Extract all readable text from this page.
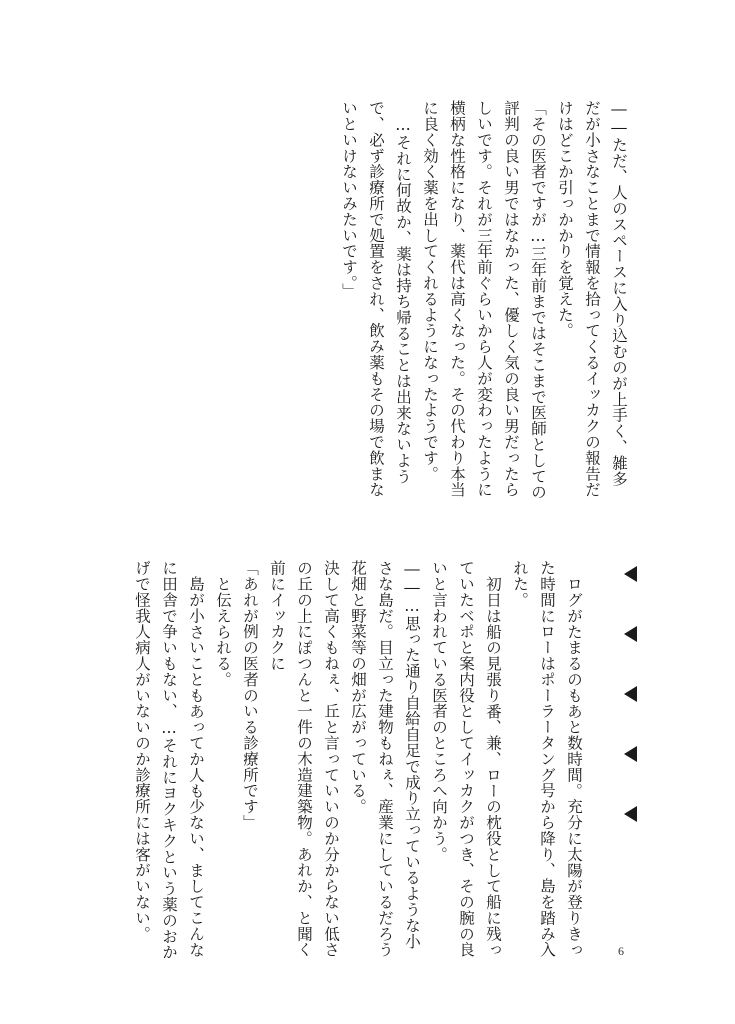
――ただ、人のスペースに入り込むのが上手く、雑多だが小さなことまで情報を拾ってくるイッカクの報告だけはどこか引っかかりを覚えた。

「その医者ですが…三年前まではそこまで医師としての評判の良い男ではなかった、優しく気の良い男だったらしいです。それが三年前ぐらいから人が変わったように横柄な性格になり、薬代は高くなった。その代わり本当に良く効く薬を出してくれるようになったようです。

…それに何故か、薬は持ち帰ることは出来ないようで、必ず診療所で処置をされ、飲み薬もその場で飲まないといけないみたいです。」

ログがたまるのもあと数時間。充分に太陽が登りきった時間にローはポーラータング号から降り、島を踏み入れた。

初日は船の見張り番、兼、ローの枕役として船に残っていたベポと案内役としてイッカクがつき、その腕の良いと言われている医者のところへ向かう。

――…思った通り自給自足で成り立っているような小さな島だ。目立った建物もねぇ、産業にしているだろう花畑と野菜等の畑が広がっている。

決して高くもねぇ、丘と言っていいのか分からない低さの丘の上にぽつんと一件の木造建築物。あれか、と聞く前にイッカクに

「あれが例の医者のいる診療所です」

と伝えられる。

島が小さいこともあってか人も少ない、ましてこんなに田舎で争いもない、…それにヨクキクという薬のおかげで怪我人病人がいないのか診療所には客がいない。

6
